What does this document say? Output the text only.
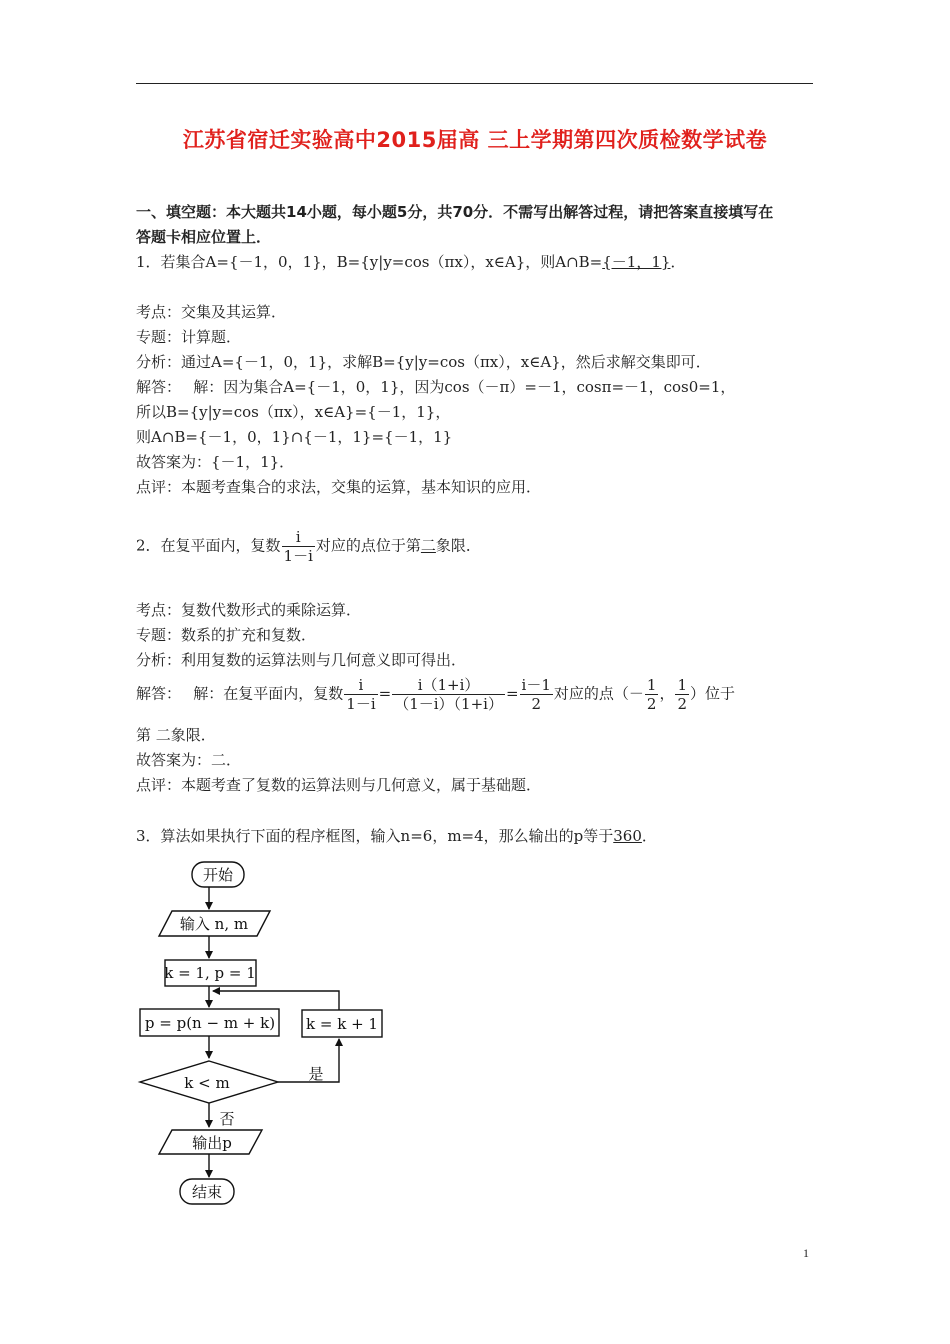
江苏省宿迁实验高中2015届高 三上学期第四次质检数学试卷
一、填空题：本大题共14小题，每小题5分，共70分．不需写出解答过程，请把答案直接填写在
答题卡相应位置上．
1．若集合A={－1，0，1}，B={y|y=cos（πx），x∈A}，则A∩B={－1，1}．
考点：交集及其运算．
专题：计算题．
分析：通过A={－1，0，1}，求解B={y|y=cos（πx），x∈A}，然后求解交集即可．
解答：　 解：因为集合A={－1，0，1}，因为cos（－π）=－1，cosπ=－1，cos0=1，
所以B={y|y=cos（πx），x∈A}={－1，1}，
则A∩B={－1，0，1}∩{－1，1}={－1，1}
故答案为：{－1，1}．
点评：本题考查集合的求法，交集的运算，基本知识的应用．
2．在复平面内，复数 $\frac{i}{1-i}$ 对应的点位于第二象限．
考点：复数代数形式的乘除运算．
专题：数系的扩充和复数．
分析：利用复数的运算法则与几何意义即可得出．
解答：　 解：在复平面内，复数 $\frac{i}{1-i} = \frac{i(1+i)}{(1-i)(1+i)} = \frac{i-1}{2}$ 对应的点（－ $\frac{1}{2}$ ， $\frac{1}{2}$ ）位于
第 二象限．
故答案为：二．
点评：本题考查了复数的运算法则与几何意义，属于基础题．
3．算法如果执行下面的程序框图，输入n=6，m=4，那么输出的p等于360．
开始
输入 n, m
k = 1, p = 1
p = p(n − m + k) k = k + 1
k < m	是
否
输出p
结束
1
